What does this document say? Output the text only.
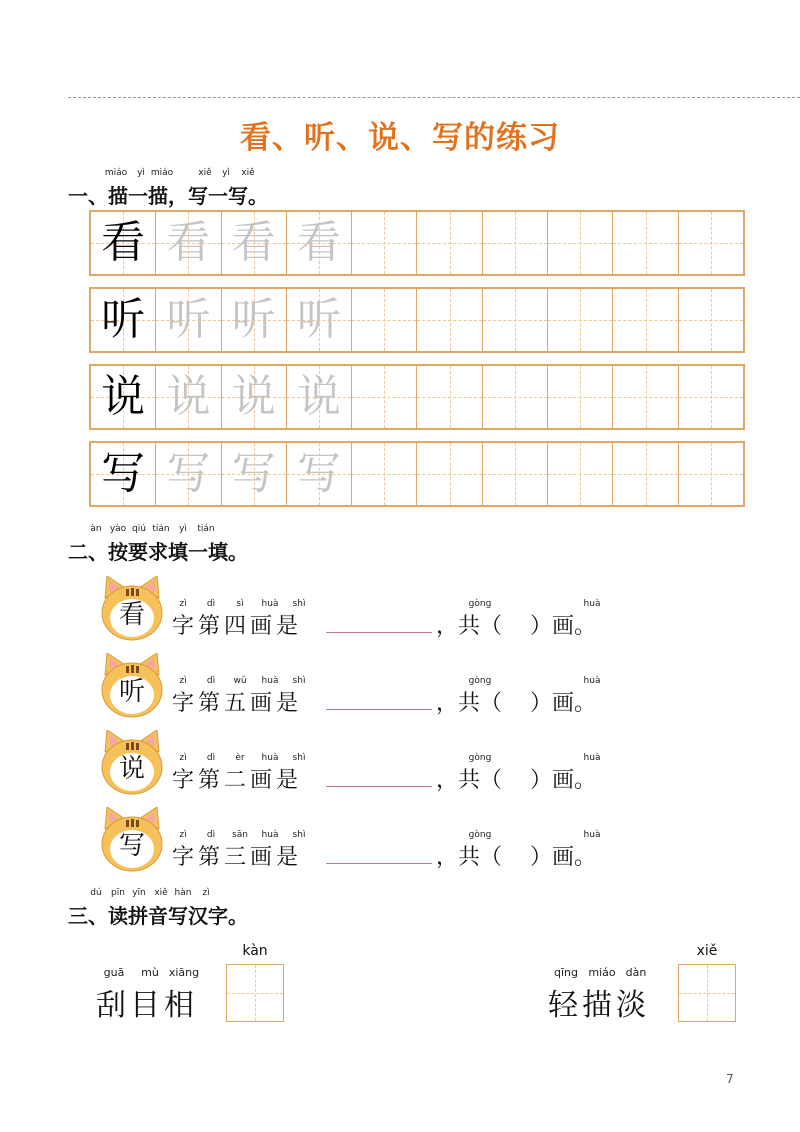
看、听、说、写的练习
miáo	yì miáo	xiě	yì	xiě
一、描一描，写一写。
看 看 看 看
听 听 听 听
说 说 说 说
写 写 写 写
àn yào qiú tián	yì	tián
二、按要求填一填。
看	zì	dì	sì	huà	shì	gòng	huà
字第四画是	，共（    ）画。
听	zì	dì	wǔ	huà	shì	gòng	huà
字第五画是	，共（    ）画。
说	zì	dì	èr	huà	shì	gòng	huà
字第二画是	，共（    ）画。
写	zì	dì	sān	huà	shì	gòng	huà
字第三画是	，共（    ）画。
dú	pīn yīn xiě hàn	zì
三、读拼音写汉字。
guā	mù xiāng
刮目相
kàn
qīng miáo dàn
轻描淡
xiě
7
